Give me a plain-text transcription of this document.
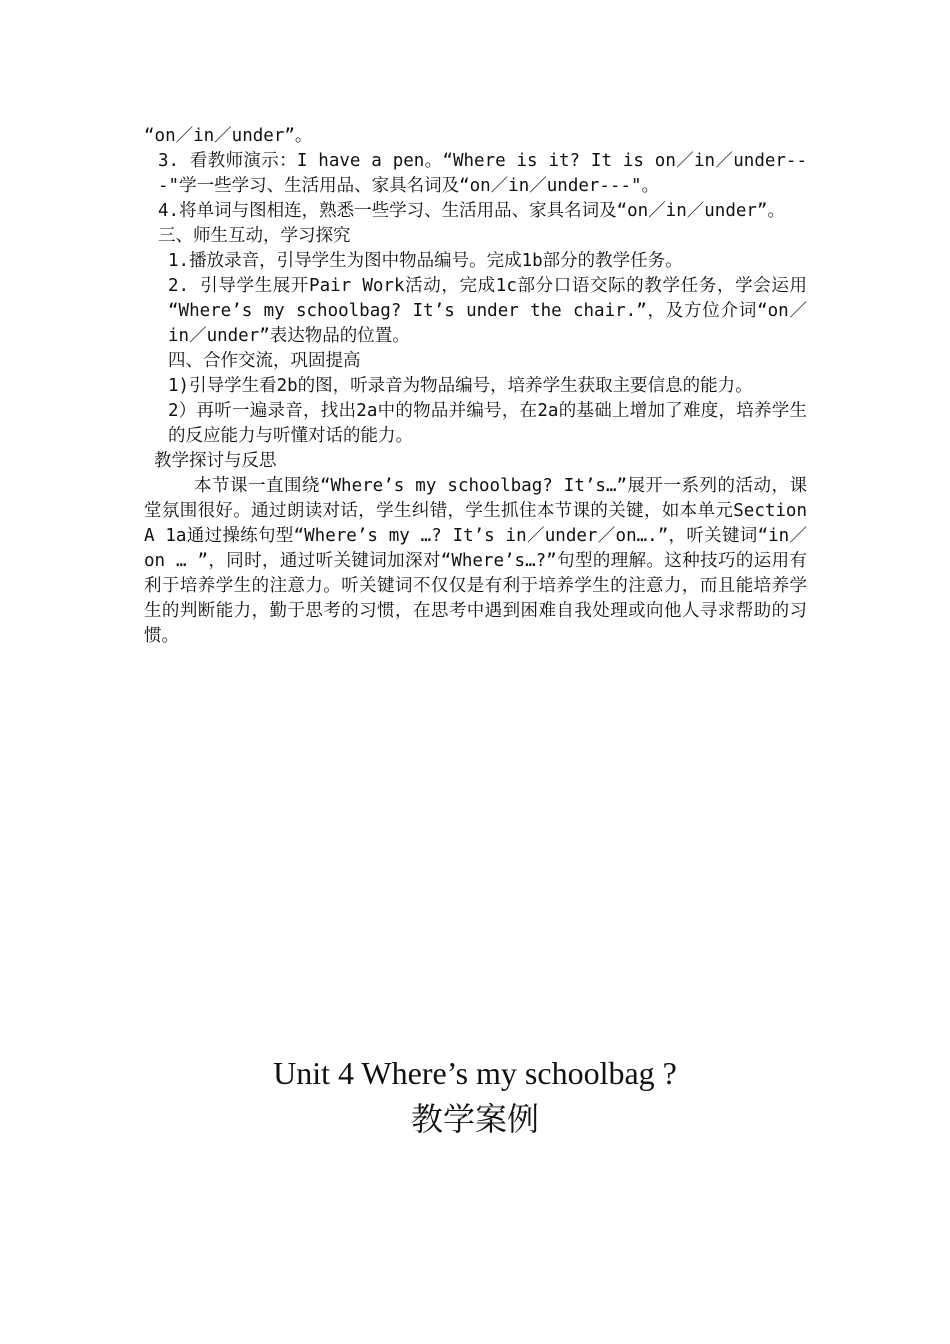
“on／in／under”。

3. 看教师演示：I have a pen。“Where is it? It is on／in／under---"学一些学习、生活用品、家具名词及“on／in／under---"。

4.将单词与图相连，熟悉一些学习、生活用品、家具名词及“on／in／under”。

三、师生互动，学习探究

1.播放录音，引导学生为图中物品编号。完成1b部分的教学任务。

2. 引导学生展开Pair Work活动，完成1c部分口语交际的教学任务，学会运用 “Where’s my schoolbag? It’s under the chair.”，及方位介词“on／in／under”表达物品的位置。

四、合作交流，巩固提高

1)引导学生看2b的图，听录音为物品编号，培养学生获取主要信息的能力。

2）再听一遍录音，找出2a中的物品并编号，在2a的基础上增加了难度，培养学生的反应能力与听懂对话的能力。

教学探讨与反思

本节课一直围绕“Where’s my schoolbag? It’s…”展开一系列的活动，课堂氛围很好。通过朗读对话，学生纠错，学生抓住本节课的关键，如本单元Section A 1a通过操练句型“Where’s my …? It’s in／under／on….”，听关键词“in／on … ”，同时，通过听关键词加深对“Where’s…?”句型的理解。这种技巧的运用有利于培养学生的注意力。听关键词不仅仅是有利于培养学生的注意力，而且能培养学生的判断能力，勤于思考的习惯，在思考中遇到困难自我处理或向他人寻求帮助的习惯。

Unit 4 Where’s my schoolbag ?
教学案例
